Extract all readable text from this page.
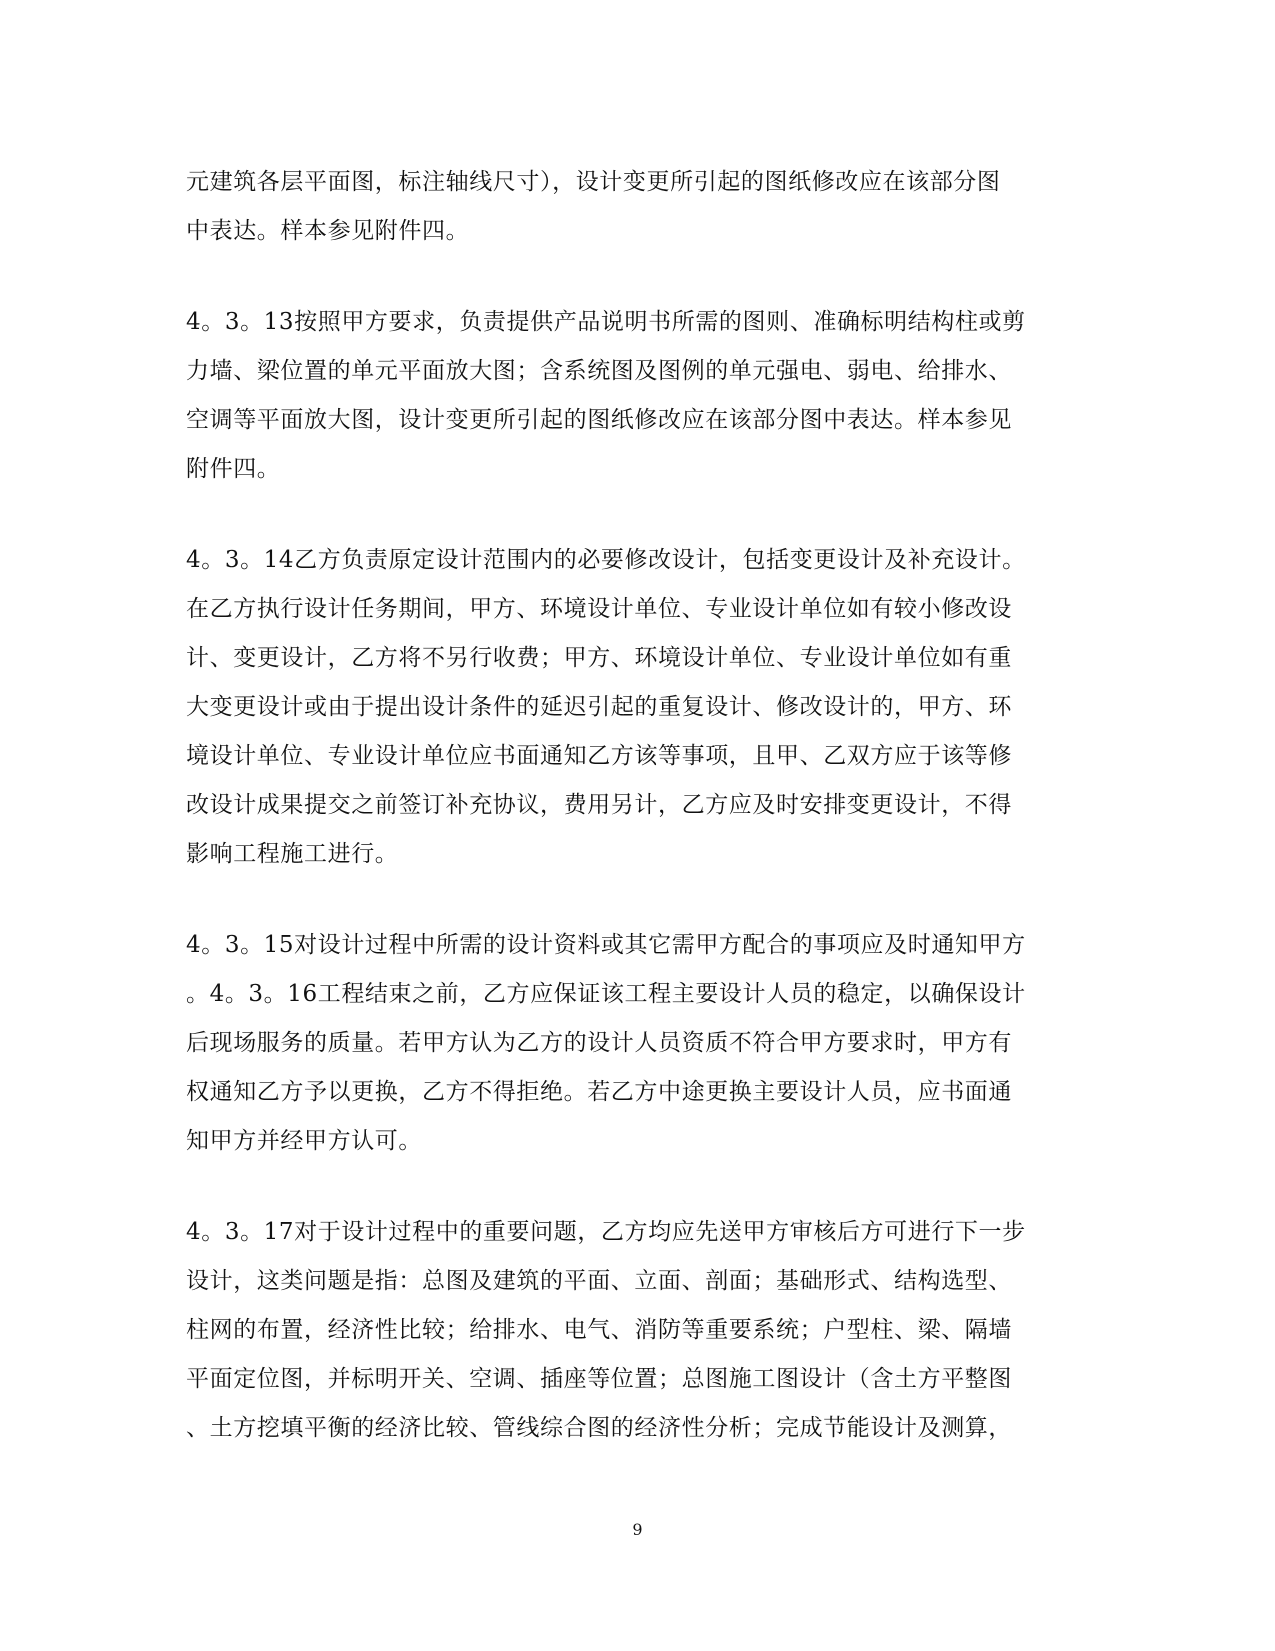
元建筑各层平面图，标注轴线尺寸），设计变更所引起的图纸修改应在该部分图
中表达。样本参见附件四。
4。3。13按照甲方要求，负责提供产品说明书所需的图则、准确标明结构柱或剪
力墙、梁位置的单元平面放大图；含系统图及图例的单元强电、弱电、给排水、
空调等平面放大图，设计变更所引起的图纸修改应在该部分图中表达。样本参见
附件四。
4。3。14乙方负责原定设计范围内的必要修改设计，包括变更设计及补充设计。
在乙方执行设计任务期间，甲方、环境设计单位、专业设计单位如有较小修改设
计、变更设计，乙方将不另行收费；甲方、环境设计单位、专业设计单位如有重
大变更设计或由于提出设计条件的延迟引起的重复设计、修改设计的，甲方、环
境设计单位、专业设计单位应书面通知乙方该等事项，且甲、乙双方应于该等修
改设计成果提交之前签订补充协议，费用另计，乙方应及时安排变更设计，不得
影响工程施工进行。
4。3。15对设计过程中所需的设计资料或其它需甲方配合的事项应及时通知甲方
。4。3。16工程结束之前，乙方应保证该工程主要设计人员的稳定，以确保设计
后现场服务的质量。若甲方认为乙方的设计人员资质不符合甲方要求时，甲方有
权通知乙方予以更换，乙方不得拒绝。若乙方中途更换主要设计人员，应书面通
知甲方并经甲方认可。
4。3。17对于设计过程中的重要问题，乙方均应先送甲方审核后方可进行下一步
设计，这类问题是指：总图及建筑的平面、立面、剖面；基础形式、结构选型、
柱网的布置，经济性比较；给排水、电气、消防等重要系统；户型柱、梁、隔墙
平面定位图，并标明开关、空调、插座等位置；总图施工图设计（含土方平整图
、土方挖填平衡的经济比较、管线综合图的经济性分析；完成节能设计及测算，
9
